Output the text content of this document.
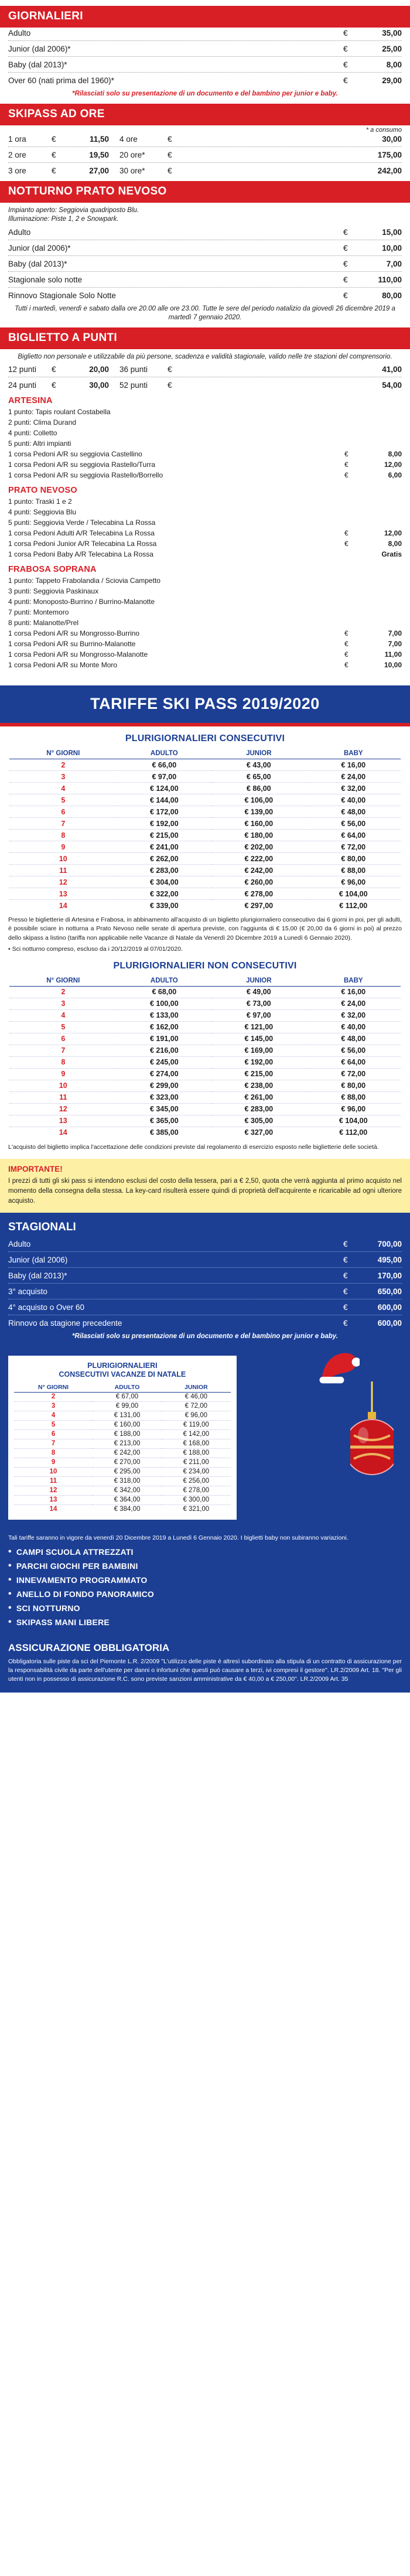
GIORNALIERI
Adulto	€	35,00
Junior (dal 2006)*	€	25,00
Baby (dal 2013)*	€	8,00
Over 60 (nati prima del 1960)*	€	29,00
*Rilasciati solo su presentazione di un documento e del bambino per junior e baby.
SKIPASS AD ORE
* a consumo
1 ora	€	11,50	4 ore	€	30,00
2 ore	€	19,50	20 ore*	€	175,00
3 ore	€	27,00	30 ore*	€	242,00
NOTTURNO PRATO NEVOSO
Impianto aperto: Seggiovia quadriposto Blu.
Illuminazione: Piste 1, 2 e Snowpark.
Adulto	€	15,00
Junior (dal 2006)*	€	10,00
Baby (dal 2013)*	€	7,00
Stagionale solo notte	€	110,00
Rinnovo Stagionale Solo Notte	€	80,00
Tutti i martedì, venerdì e sabato dalla ore 20.00 alle ore 23.00. Tutte le sere del periodo natalizio da giovedì 26 dicembre 2019 a martedì 7 gennaio 2020.
BIGLIETTO A PUNTI
Biglietto non personale e utilizzabile da più persone, scadenza e validità stagionale, valido nelle tre stazioni del comprensorio.
12 punti	€	20,00	36 punti	€	41,00
24 punti	€	30,00	52 punti	€	54,00
ARTESINA
1 punto: Tapis roulant Costabella
2 punti: Clima Durand
4 punti: Colletto
5 punti: Altri impianti
1 corsa Pedoni A/R su seggiovia Castellino	€	8,00
1 corsa Pedoni A/R su seggiovia Rastello/Turra	€	12,00
1 corsa Pedoni A/R su seggiovia Rastello/Borrello	€	6,00
PRATO NEVOSO
1 punto: Traski 1 e 2
4 punti: Seggiovia Blu
5 punti: Seggiovia Verde / Telecabina La Rossa
1 corsa Pedoni Adulti A/R Telecabina La Rossa	€	12,00
1 corsa Pedoni Junior A/R Telecabina La Rossa	€	8,00
1 corsa Pedoni Baby A/R Telecabina La Rossa	Gratis
FRABOSA SOPRANA
1 punto: Tappeto Frabolandia / Sciovia Campetto
3 punti: Seggiovia Paskinaux
4 punti: Monoposto-Burrino / Burrino-Malanotte
7 punti: Montemoro
8 punti: Malanotte/Prel
1 corsa Pedoni A/R su Mongrosso-Burrino	€	7,00
1 corsa Pedoni A/R su Burrino-Malanotte	€	7,00
1 corsa Pedoni A/R su Mongrosso-Malanotte	€	11,00
1 corsa Pedoni A/R su Monte Moro	€	10,00
TARIFFE SKI PASS 2019/2020
PLURIGIORNALIERI CONSECUTIVI
N° GIORNI	ADULTO	JUNIOR	BABY
2	€ 66,00	€ 43,00	€ 16,00
3	€ 97,00	€ 65,00	€ 24,00
4	€ 124,00	€ 86,00	€ 32,00
5	€ 144,00	€ 106,00	€ 40,00
6	€ 172,00	€ 139,00	€ 48,00
7	€ 192,00	€ 160,00	€ 56,00
8	€ 215,00	€ 180,00	€ 64,00
9	€ 241,00	€ 202,00	€ 72,00
10	€ 262,00	€ 222,00	€ 80,00
11	€ 283,00	€ 242,00	€ 88,00
12	€ 304,00	€ 260,00	€ 96,00
13	€ 322,00	€ 278,00	€ 104,00
14	€ 339,00	€ 297,00	€ 112,00
Presso le biglietterie di Artesina e Frabosa, in abbinamento all'acquisto di un biglietto plurigiornaliero consecutivo dai 6 giorni in poi, per gli adulti, è possibile sciare in notturna a Prato Nevoso nelle serate di apertura previste, con l'aggiunta di € 15,00 (€ 20,00 da 6 giorni in poi) al prezzo dello skipass a listino (tariffa non applicabile nelle Vacanze di Natale da Venerdì 20 Dicembre 2019 a Lunedì 6 Gennaio 2020).
• Sci notturno compreso, escluso da i 20/12/2019 al 07/01/2020.
PLURIGIORNALIERI NON CONSECUTIVI
N° GIORNI	ADULTO	JUNIOR	BABY
2	€ 68,00	€ 49,00	€ 16,00
3	€ 100,00	€ 73,00	€ 24,00
4	€ 133,00	€ 97,00	€ 32,00
5	€ 162,00	€ 121,00	€ 40,00
6	€ 191,00	€ 145,00	€ 48,00
7	€ 216,00	€ 169,00	€ 56,00
8	€ 245,00	€ 192,00	€ 64,00
9	€ 274,00	€ 215,00	€ 72,00
10	€ 299,00	€ 238,00	€ 80,00
11	€ 323,00	€ 261,00	€ 88,00
12	€ 345,00	€ 283,00	€ 96,00
13	€ 365,00	€ 305,00	€ 104,00
14	€ 385,00	€ 327,00	€ 112,00
L'acquisto del biglietto implica l'accettazione delle condizioni previste dal regolamento di esercizio esposto nelle biglietterie delle società.
IMPORTANTE!

I prezzi di tutti gli ski pass si intendono esclusi del costo della tessera, pari a € 2,50, quota che verrà aggiunta al primo acquisto nel momento della consegna della stessa. La key-card risulterà essere quindi di proprietà dell'acquirente e ricaricabile ad ogni ulteriore acquisto.

STAGIONALI
Adulto	€	700,00
Junior (dal 2006)	€	495,00
Baby (dal 2013)*	€	170,00
3° acquisto	€	650,00
4° acquisto o Over 60	€	600,00
Rinnovo da stagione precedente	€	600,00
*Rilasciati solo su presentazione di un documento e del bambino per junior e baby.
PLURIGIORNALIERI
CONSECUTIVI VACANZE DI NATALE
N° GIORNI	ADULTO	JUNIOR
2	€ 67,00	€ 46,00
3	€ 99,00	€ 72,00
4	€ 131,00	€ 96,00
5	€ 160,00	€ 119,00
6	€ 188,00	€ 142,00
7	€ 213,00	€ 168,00
8	€ 242,00	€ 188,00
9	€ 270,00	€ 211,00
10	€ 295,00	€ 234,00
11	€ 318,00	€ 256,00
12	€ 342,00	€ 278,00
13	€ 364,00	€ 300,00
14	€ 384,00	€ 321,00
Tali tariffe saranno in vigore da venerdì 20 Dicembre 2019 a Lunedì 6 Gennaio 2020. I biglietti baby non subiranno variazioni.
• CAMPI SCUOLA ATTREZZATI
• PARCHI GIOCHI PER BAMBINI
• INNEVAMENTO PROGRAMMATO
• ANELLO DI FONDO PANORAMICO
• SCI NOTTURNO
• SKIPASS MANI LIBERE
ASSICURAZIONE OBBLIGATORIA

Obbligatoria sulle piste da sci del Piemonte L.R. 2/2009 "L'utilizzo delle piste è altresì subordinato alla stipula di un contratto di assicurazione per la responsabilità civile da parte dell'utente per danni o infortuni che questi può causare a terzi, ivi compresi il gestore". LR.2/2009 Art. 18. "Per gli utenti non in possesso di assicurazione R.C. sono previste sanzioni amministrative da € 40,00 a € 250,00". LR.2/2009 Art. 35
